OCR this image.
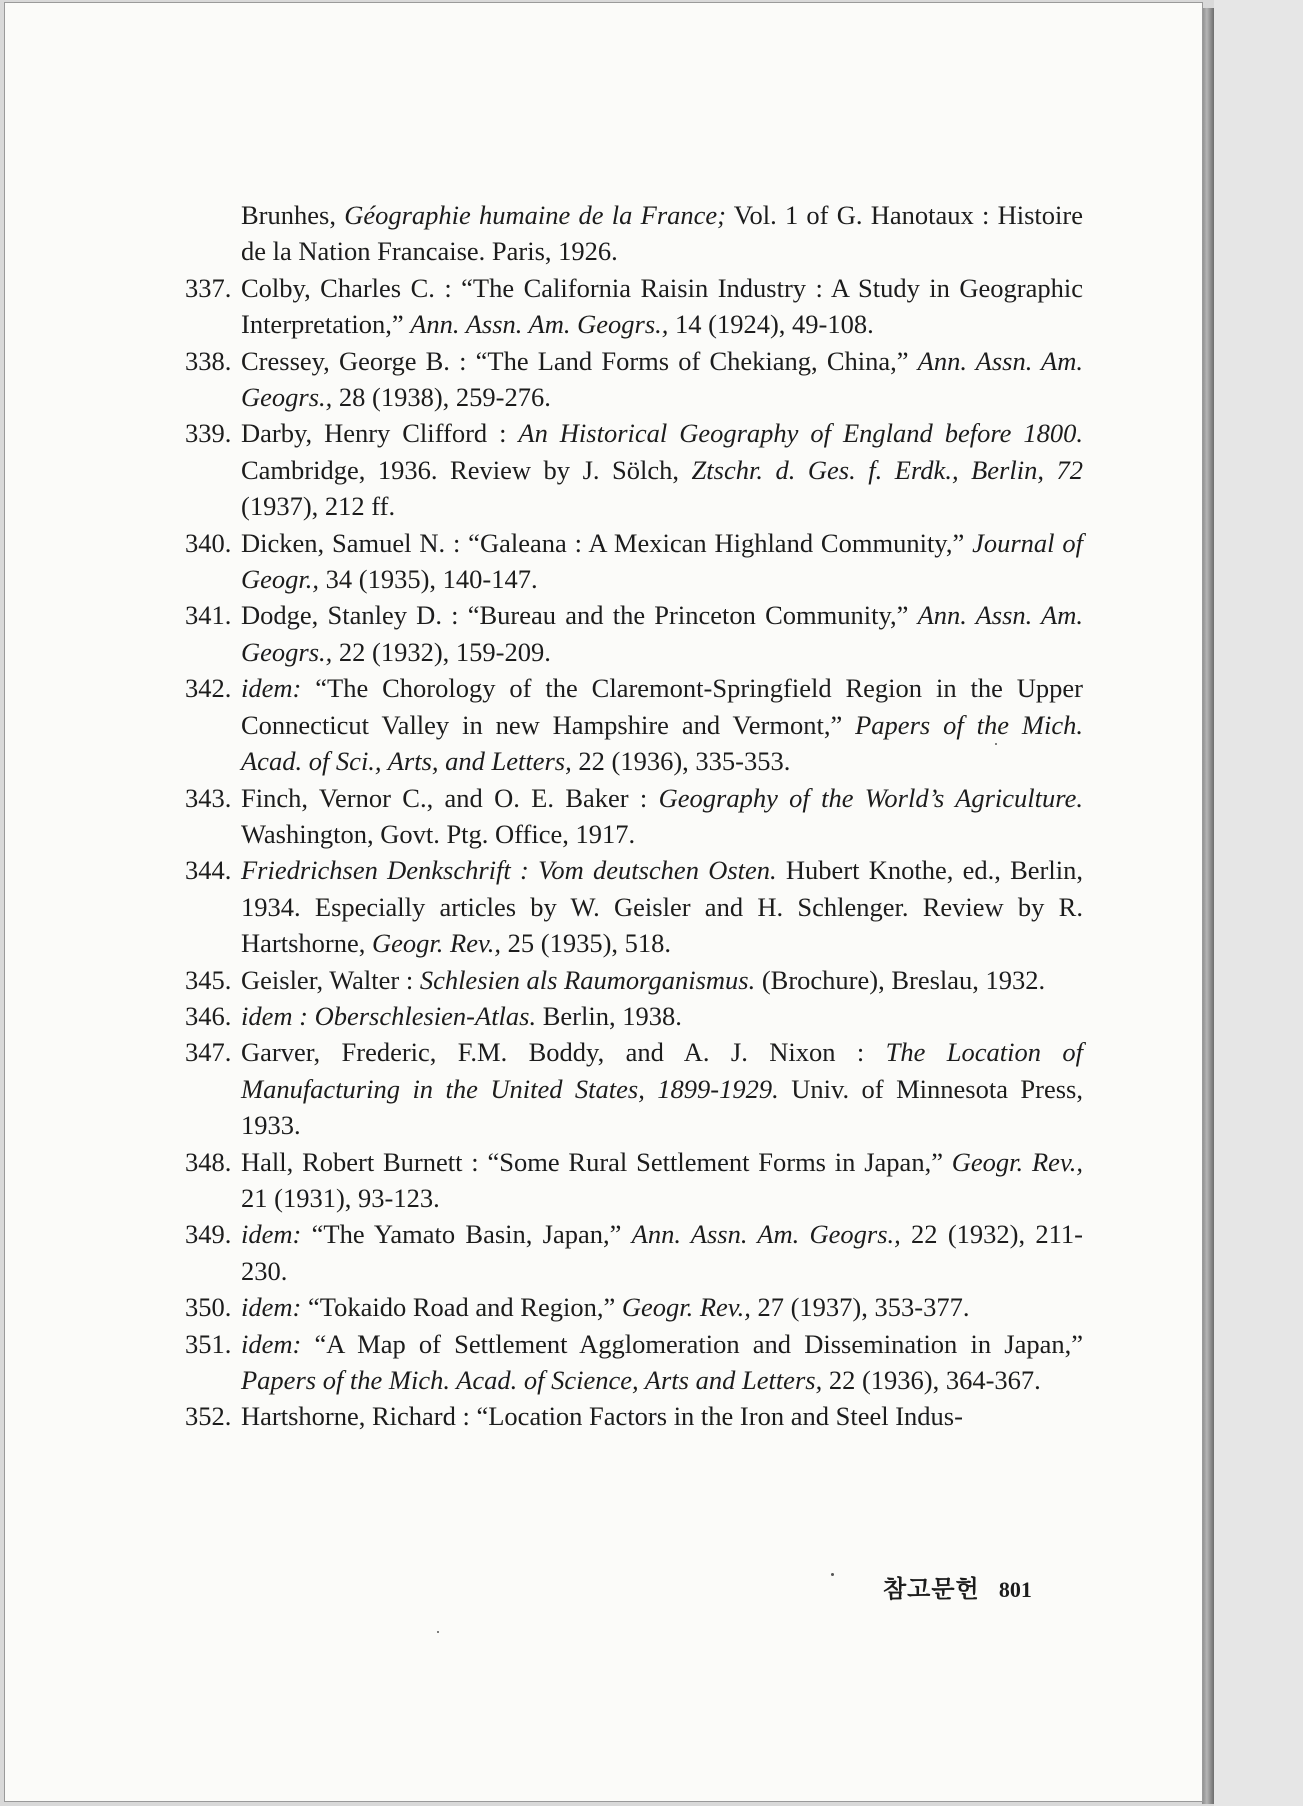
Brunhes, Géographie humaine de la France; Vol. 1 of G. Hanotaux : Histoire de la Nation Francaise. Paris, 1926.
337. Colby, Charles C. : “The California Raisin Industry : A Study in Geographic Interpretation,” Ann. Assn. Am. Geogrs., 14 (1924), 49-108.
338. Cressey, George B. : “The Land Forms of Chekiang, China,” Ann. Assn. Am. Geogrs., 28 (1938), 259-276.
339. Darby, Henry Clifford : An Historical Geography of England before 1800. Cambridge, 1936. Review by J. Sölch, Ztschr. d. Ges. f. Erdk., Berlin, 72 (1937), 212 ff.
340. Dicken, Samuel N. : “Galeana : A Mexican Highland Community,” Journal of Geogr., 34 (1935), 140-147.
341. Dodge, Stanley D. : “Bureau and the Princeton Community,” Ann. Assn. Am. Geogrs., 22 (1932), 159-209.
342. idem: “The Chorology of the Claremont-Springfield Region in the Upper Connecticut Valley in new Hampshire and Vermont,” Papers of the Mich. Acad. of Sci., Arts, and Letters, 22 (1936), 335-353.
343. Finch, Vernor C., and O. E. Baker : Geography of the World’s Agriculture. Washington, Govt. Ptg. Office, 1917.
344. Friedrichsen Denkschrift : Vom deutschen Osten. Hubert Knothe, ed., Berlin, 1934. Especially articles by W. Geisler and H. Schlenger. Review by R. Hartshorne, Geogr. Rev., 25 (1935), 518.
345. Geisler, Walter : Schlesien als Raumorganismus. (Brochure), Breslau, 1932.
346. idem : Oberschlesien-Atlas. Berlin, 1938.
347. Garver, Frederic, F.M. Boddy, and A. J. Nixon : The Location of Manufacturing in the United States, 1899-1929. Univ. of Minnesota Press, 1933.
348. Hall, Robert Burnett : “Some Rural Settlement Forms in Japan,” Geogr. Rev., 21 (1931), 93-123.
349. idem: “The Yamato Basin, Japan,” Ann. Assn. Am. Geogrs., 22 (1932), 211-230.
350. idem: “Tokaido Road and Region,” Geogr. Rev., 27 (1937), 353-377.
351. idem: “A Map of Settlement Agglomeration and Dissemination in Japan,” Papers of the Mich. Acad. of Science, Arts and Letters, 22 (1936), 364-367.
352. Hartshorne, Richard : “Location Factors in the Iron and Steel Indus-
참고문헌 801
